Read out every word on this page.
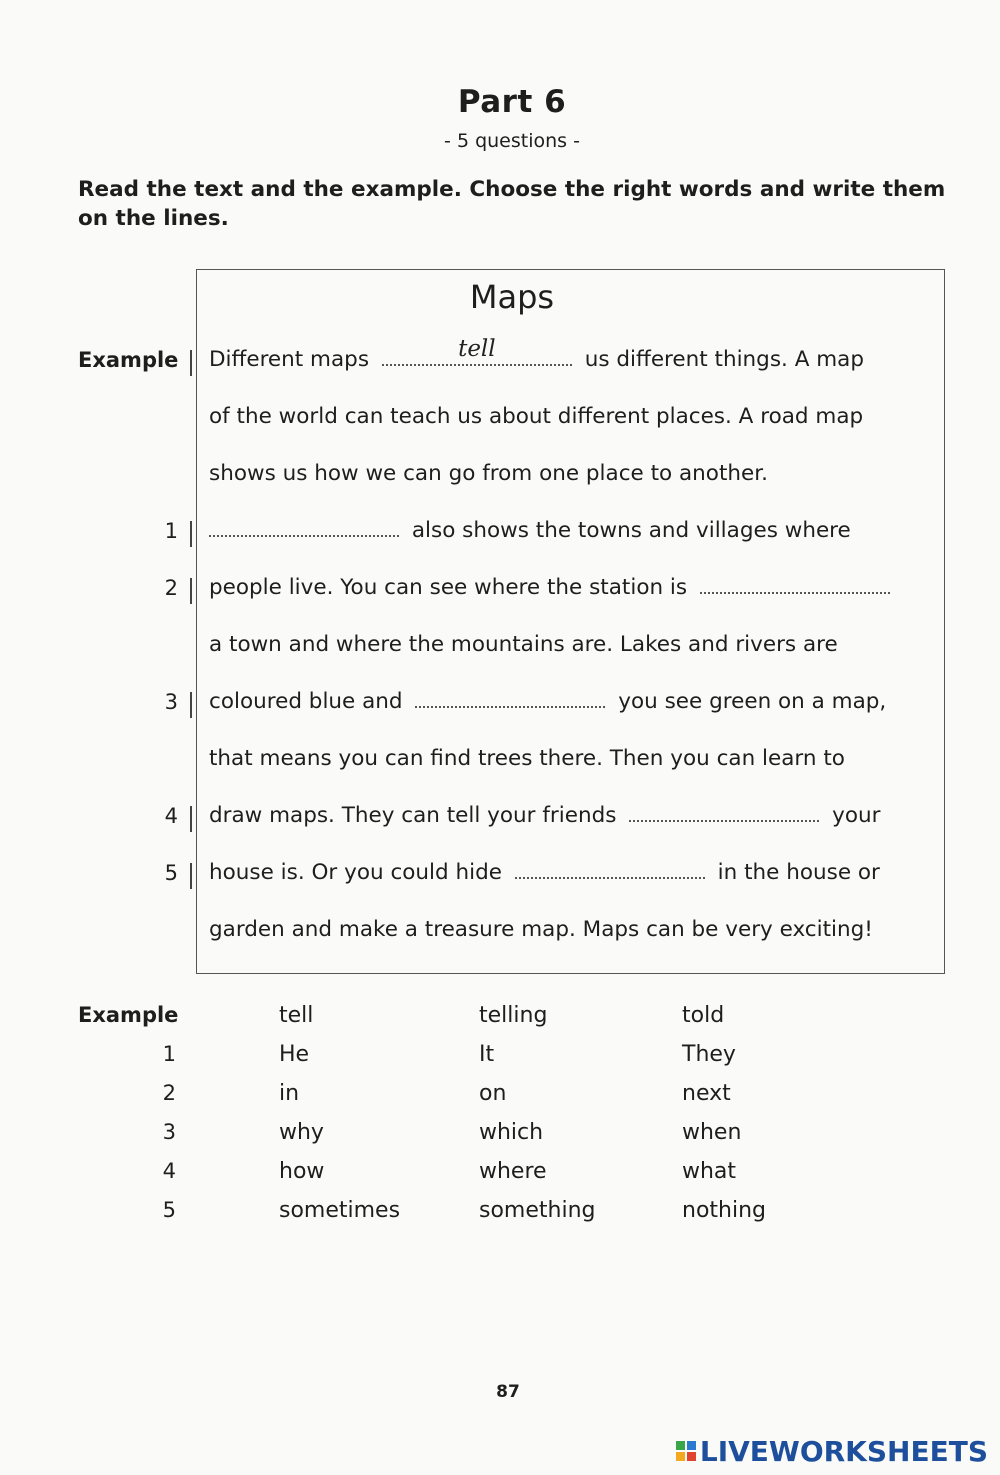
Part 6
- 5 questions -
Read the text and the example. Choose the right words and write them on the lines.
Maps
Example Different maps	tell	us different things. A map
of the world can teach us about different places. A road map
shows us how we can go from one place to another.
1	also shows the towns and villages where
2 people live. You can see where the station is
a town and where the mountains are. Lakes and rivers are
3 coloured blue and	you see green on a map,
that means you can find trees there. Then you can learn to
4 draw maps. They can tell your friends	your
5 house is. Or you could hide	in the house or
garden and make a treasure map. Maps can be very exciting!
Example	tell	telling	told
1	He	It	They
2	in	on	next
3	why	which	when
4	how	where	what
5	sometimes	something	nothing
87
LIVEWORKSHEETS
